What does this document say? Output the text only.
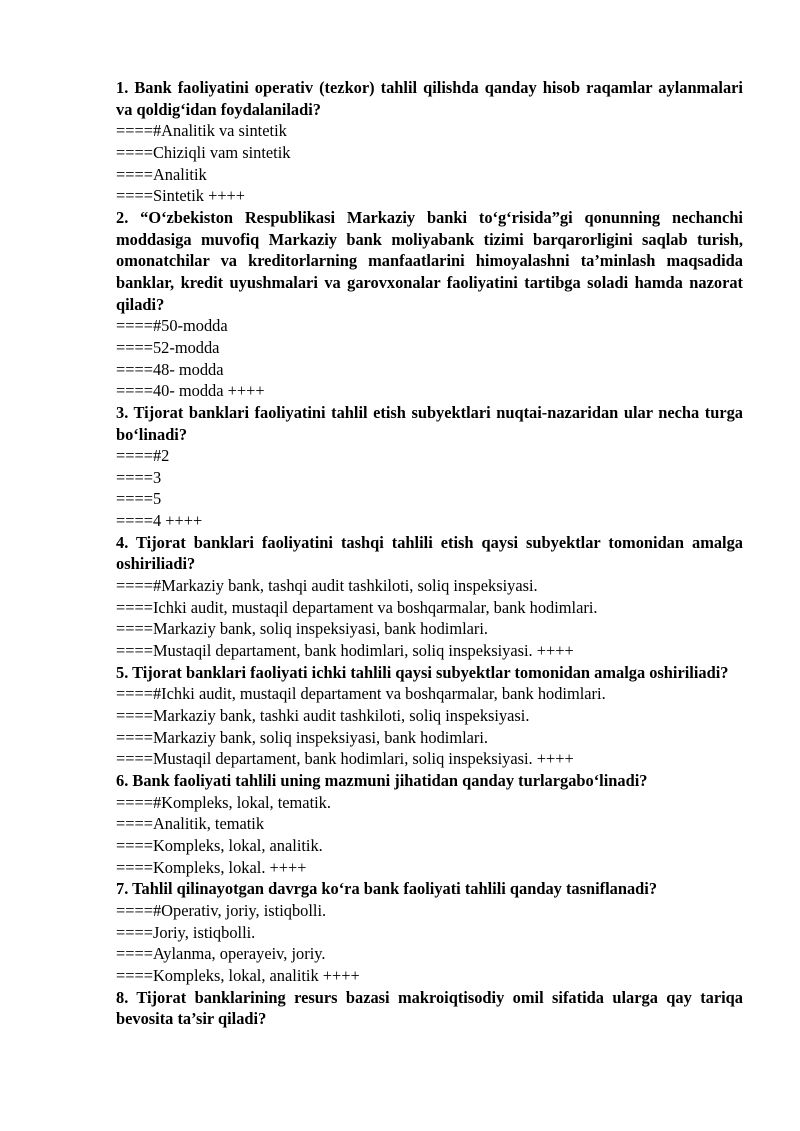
1. Bank faoliyatini operativ (tezkor) tahlil qilishda qanday hisob raqamlar aylanmalari va qoldig‘idan foydalaniladi?

====#Analitik va sintetik

====Chiziqli vam sintetik

====Analitik

====Sintetik ++++

2. “O‘zbekiston Respublikasi Markaziy banki to‘g‘risida”gi qonunning nechanchi moddasiga muvofiq Markaziy bank moliyabank tizimi barqarorligini saqlab turish, omonatchilar va kreditorlarning manfaatlarini himoyalashni ta’minlash maqsadida banklar, kredit uyushmalari va garovxonalar faoliyatini tartibga soladi hamda nazorat qiladi?

====#50-modda

====52-modda

====48- modda

====40- modda ++++

3. Tijorat banklari faoliyatini tahlil etish subyektlari nuqtai-nazaridan ular necha turga bo‘linadi?

====#2

====3

====5

====4 ++++

4. Tijorat banklari faoliyatini tashqi tahlili etish qaysi subyektlar tomonidan amalga oshiriliadi?

====#Markaziy bank, tashqi audit tashkiloti, soliq inspeksiyasi.

====Ichki audit, mustaqil departament va boshqarmalar, bank hodimlari.

====Markaziy bank, soliq inspeksiyasi, bank hodimlari.

====Mustaqil departament, bank hodimlari, soliq inspeksiyasi. ++++

5. Tijorat banklari faoliyati ichki tahlili qaysi subyektlar tomonidan amalga oshiriliadi?

====#Ichki audit, mustaqil departament va boshqarmalar, bank hodimlari.

====Markaziy bank, tashki audit tashkiloti, soliq inspeksiyasi.

====Markaziy bank, soliq inspeksiyasi, bank hodimlari.

====Mustaqil departament, bank hodimlari, soliq inspeksiyasi. ++++

6. Bank faoliyati tahlili uning mazmuni jihatidan qanday turlargabo‘linadi?

====#Kompleks, lokal, tematik.

====Analitik, tematik

====Kompleks, lokal, analitik.

====Kompleks, lokal. ++++

7. Tahlil qilinayotgan davrga ko‘ra bank faoliyati tahlili qanday tasniflanadi?

====#Operativ, joriy, istiqbolli.

====Joriy, istiqbolli.

====Aylanma, operayeiv, joriy.

====Kompleks, lokal, analitik ++++

8. Tijorat banklarining resurs bazasi makroiqtisodiy omil sifatida ularga qay tariqa bevosita ta’sir qiladi?
